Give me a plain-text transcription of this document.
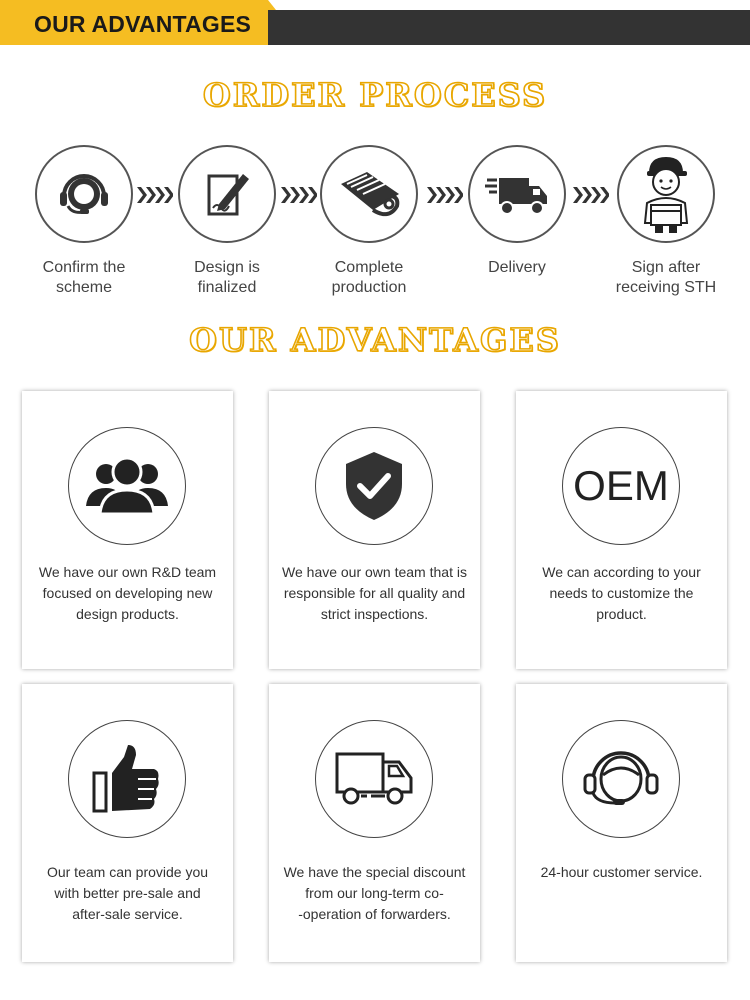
OUR ADVANTAGES
ORDER PROCESS
Confirm the
scheme
Design is
finalized
Complete
production
Delivery	Sign after
receiving STH
OUR ADVANTAGES
We have our own R&D team
focused on developing new
design products.
We have our own team that is
responsible for all quality and
strict inspections.
OEM
We can according to your
needs to customize the
product.
Our team can provide you
with better pre-sale and
after-sale service.
We have the special discount
from our long-term co-
-operation of forwarders.
24-hour customer service.
